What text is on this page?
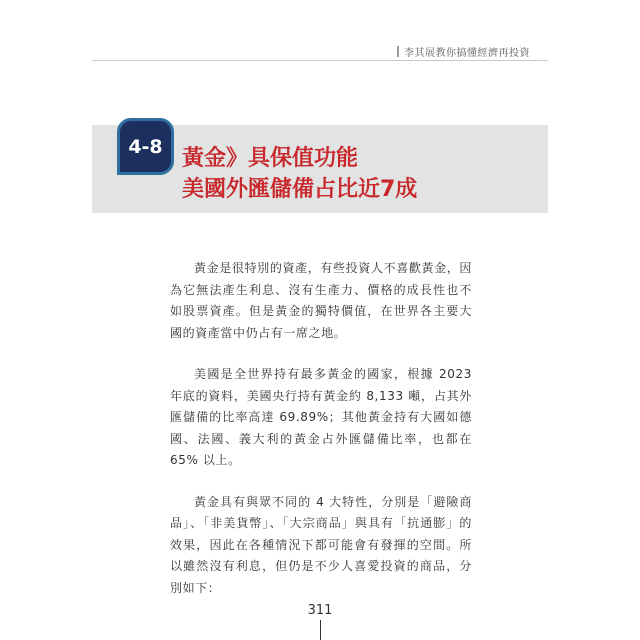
李其展教你搞懂經濟再投資
4-8 黃金》具保值功能
美國外匯儲備占比近7成

黃金是很特別的資產，有些投資人不喜歡黃金，因為它無法產生利息、沒有生產力、價格的成長性也不如股票資產。但是黃金的獨特價值，在世界各主要大國的資產當中仍占有一席之地。

美國是全世界持有最多黃金的國家，根據 2023 年底的資料，美國央行持有黃金約 8,133 噸，占其外匯儲備的比率高達 69.89%；其他黃金持有大國如德國、法國、義大利的黃金占外匯儲備比率，也都在 65% 以上。

黃金具有與眾不同的 4 大特性，分別是「避險商品」、「非美貨幣」、「大宗商品」與具有「抗通膨」的效果，因此在各種情況下都可能會有發揮的空間。所以雖然沒有利息，但仍是不少人喜愛投資的商品，分別如下：

311
